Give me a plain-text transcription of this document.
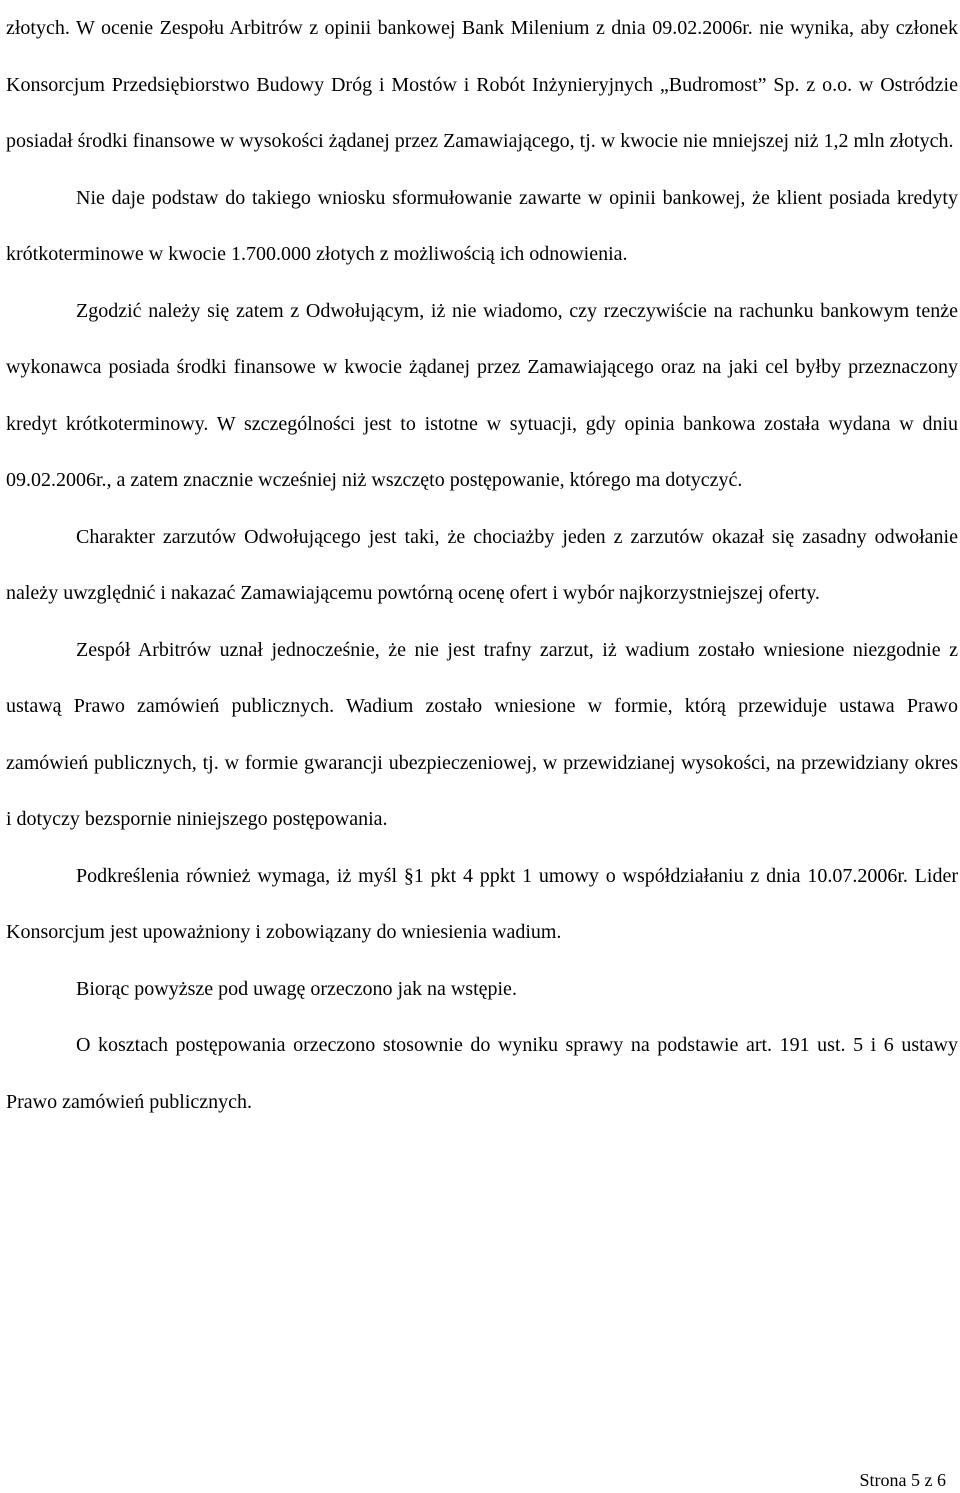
złotych. W ocenie Zespołu Arbitrów z opinii bankowej Bank Milenium z dnia 09.02.2006r. nie wynika, aby członek Konsorcjum Przedsiębiorstwo Budowy Dróg i Mostów i Robót Inżynieryjnych „Budromost” Sp. z o.o. w Ostródzie posiadał środki finansowe w wysokości żądanej przez Zamawiającego, tj. w kwocie nie mniejszej niż 1,2 mln złotych.

Nie daje podstaw do takiego wniosku sformułowanie zawarte w opinii bankowej, że klient posiada kredyty krótkoterminowe w kwocie 1.700.000 złotych z możliwością ich odnowienia.

Zgodzić należy się zatem z Odwołującym, iż nie wiadomo, czy rzeczywiście na rachunku bankowym tenże wykonawca posiada środki finansowe w kwocie żądanej przez Zamawiającego oraz na jaki cel byłby przeznaczony kredyt krótkoterminowy. W szczególności jest to istotne w sytuacji, gdy opinia bankowa została wydana w dniu 09.02.2006r., a zatem znacznie wcześniej niż wszczęto postępowanie, którego ma dotyczyć.

Charakter zarzutów Odwołującego jest taki, że chociażby jeden z zarzutów okazał się zasadny odwołanie należy uwzględnić i nakazać Zamawiającemu powtórną ocenę ofert i wybór najkorzystniejszej oferty.

Zespół Arbitrów uznał jednocześnie, że nie jest trafny zarzut, iż wadium zostało wniesione niezgodnie z ustawą Prawo zamówień publicznych. Wadium zostało wniesione w formie, którą przewiduje ustawa Prawo zamówień publicznych, tj. w formie gwarancji ubezpieczeniowej, w przewidzianej wysokości, na przewidziany okres i dotyczy bezspornie niniejszego postępowania.

Podkreślenia również wymaga, iż myśl §1 pkt 4 ppkt 1 umowy o współdziałaniu z dnia 10.07.2006r. Lider Konsorcjum jest upoważniony i zobowiązany do wniesienia wadium.

Biorąc powyższe pod uwagę orzeczono jak na wstępie.

O kosztach postępowania orzeczono stosownie do wyniku sprawy na podstawie art. 191 ust. 5 i 6 ustawy Prawo zamówień publicznych.

Strona 5 z 6
